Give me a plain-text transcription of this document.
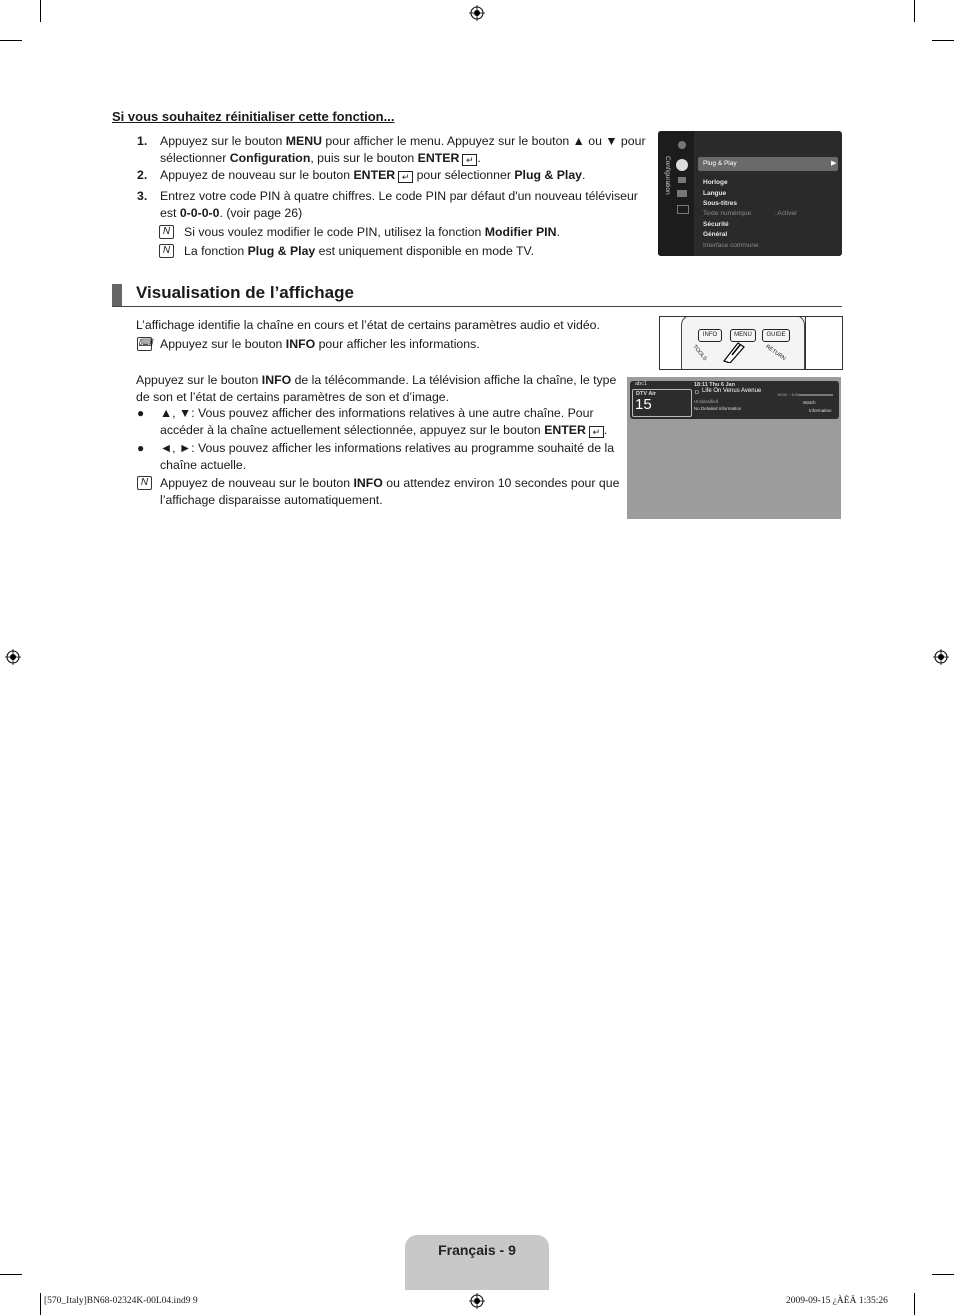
Si vous souhaitez réinitialiser cette fonction...
1. Appuyez sur le bouton MENU pour afficher le menu. Appuyez sur le bouton ▲ ou ▼ pour
sélectionner Configuration, puis sur le bouton ENTER ↵ .
2. Appuyez de nouveau sur le bouton ENTER ↵ pour sélectionner Plug & Play.
3. Entrez votre code PIN à quatre chiffres. Le code PIN par défaut d'un nouveau téléviseur
est 0-0-0-0. (voir page 26)
N	Si vous voulez modifier le code PIN, utilisez la fonction Modifier PIN.
N	La fonction Plug & Play est uniquement disponible en mode TV.
Configuration	Plug & Play	▶
Horloge
Langue
Sous-titres
Texte numérique	: Activer
Sécurité
Général
Interface commune
Visualisation de l’affichage
L’affichage identifie la chaîne en cours et l’état de certains paramètres audio et vidéo.
⌨ Appuyez sur le bouton INFO pour afficher les informations.
Appuyez sur le bouton INFO de la télécommande. La télévision affiche la chaîne, le type
de son et l’état de certains paramètres de son et d’image.
● ▲, ▼: Vous pouvez afficher des informations relatives à une autre chaîne. Pour
accéder à la chaîne actuellement sélectionnée, appuyez sur le bouton ENTER ↵ .
● ◄, ►: Vous pouvez afficher les informations relatives au programme souhaité de la
chaîne actuelle.
N Appuyez de nouveau sur le bouton INFO ou attendez environ 10 secondes pour que
l’affichage disparaisse automatiquement.
INFO	MENU	GUIDE
TOOLS	RETURN
abc1
DTV Air
15
18:11 Thu 6 Jan
D Life On Venus Avenue
Unclassified
No Detailed Information
18:00 ~ 6:00
Watch
Information
Français - 9
[570_Italy]BN68-02324K-00L04.ind9 9	2009-09-15 ¿ÀÈÄ 1:35:26
